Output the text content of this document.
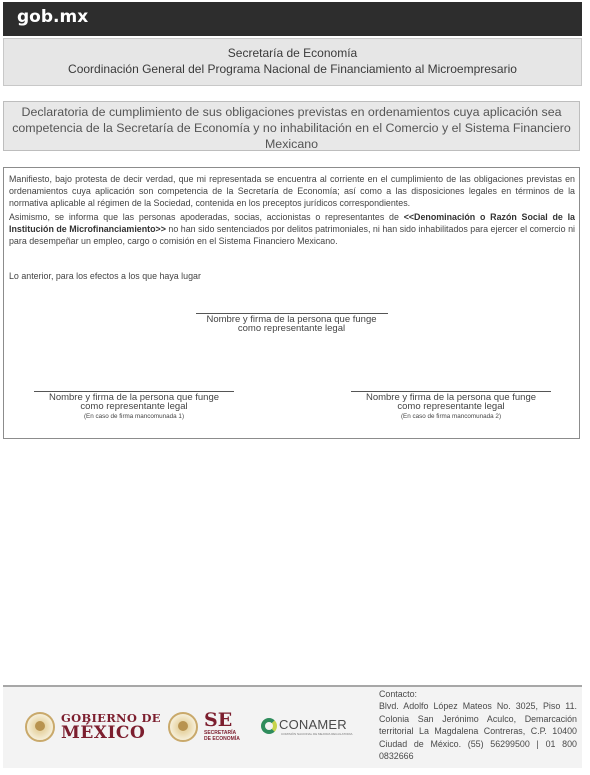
gob.mx
Secretaría de Economía
Coordinación General del Programa Nacional de Financiamiento al Microempresario
Declaratoria de cumplimiento de sus obligaciones previstas en ordenamientos cuya aplicación sea competencia de la Secretaría de Economía y no inhabilitación en el Comercio y el Sistema Financiero Mexicano
Manifiesto, bajo protesta de decir verdad, que mi representada se encuentra al corriente en el cumplimiento de las obligaciones previstas en ordenamientos cuya aplicación son competencia de la Secretaría de Economía; así como a las disposiciones legales en términos de la normativa aplicable al régimen de la Sociedad, contenida en los preceptos jurídicos correspondientes.
Asimismo, se informa que las personas apoderadas, socias, accionistas o representantes de <<Denominación o Razón Social de la Institución de Microfinanciamiento>> no han sido sentenciados por delitos patrimoniales, ni han sido inhabilitados para ejercer el comercio ni para desempeñar un empleo, cargo o comisión en el Sistema Financiero Mexicano.
Lo anterior, para los efectos a los que haya lugar
Nombre y firma de la persona que funge
como representante legal
Nombre y firma de la persona que funge
como representante legal
(En caso de firma mancomunada 1)
Nombre y firma de la persona que funge
como representante legal
(En caso de firma mancomunada 2)
GOBIERNO DE
MÉXICO
SE
SECRETARÍA
DE ECONOMÍA
CONAMER
COMISIÓN NACIONAL DE MEJORA REGULATORIA
Contacto:
Blvd. Adolfo López Mateos No. 3025, Piso 11. Colonia San Jerónimo Aculco, Demarcación territorial La Magdalena Contreras, C.P. 10400 Ciudad de México. (55) 56299500 | 01 800 0832666
